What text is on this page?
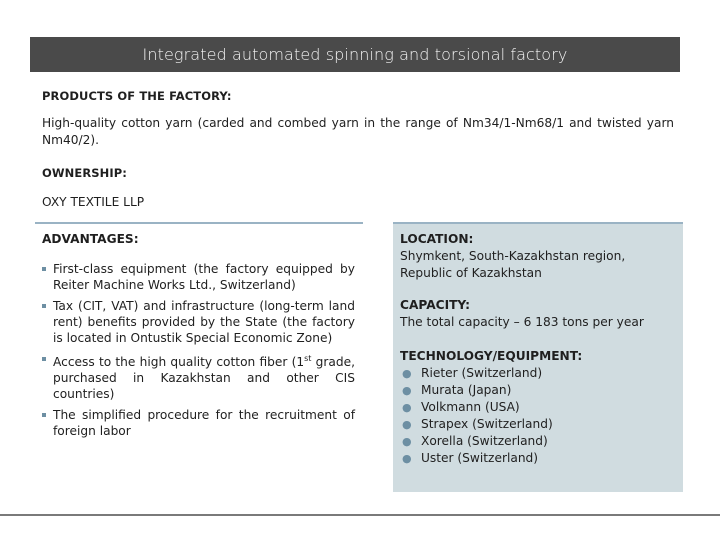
Integrated automated spinning and torsional factory
PRODUCTS OF THE FACTORY:
High-quality cotton yarn (carded and combed yarn in the range of Nm34/1-Nm68/1 and twisted yarn Nm40/2).
OWNERSHIP:
OXY TEXTILE LLP
ADVANTAGES:
First-class equipment (the factory equipped by Reiter Machine Works Ltd., Switzerland)
Tax (CIT, VAT) and infrastructure (long-term land rent) benefits provided by the State (the factory is located in Ontustik Special Economic Zone)
Access to the high quality cotton fiber (1st grade, purchased in Kazakhstan and other CIS countries)
The simplified procedure for the recruitment of foreign labor
LOCATION:
Shymkent, South-Kazakhstan region, Republic of Kazakhstan
CAPACITY:
The total capacity – 6 183 tons per year
TECHNOLOGY/EQUIPMENT:
● Rieter (Switzerland)
● Murata (Japan)
● Volkmann (USA)
● Strapex (Switzerland)
● Xorella (Switzerland)
● Uster (Switzerland)
